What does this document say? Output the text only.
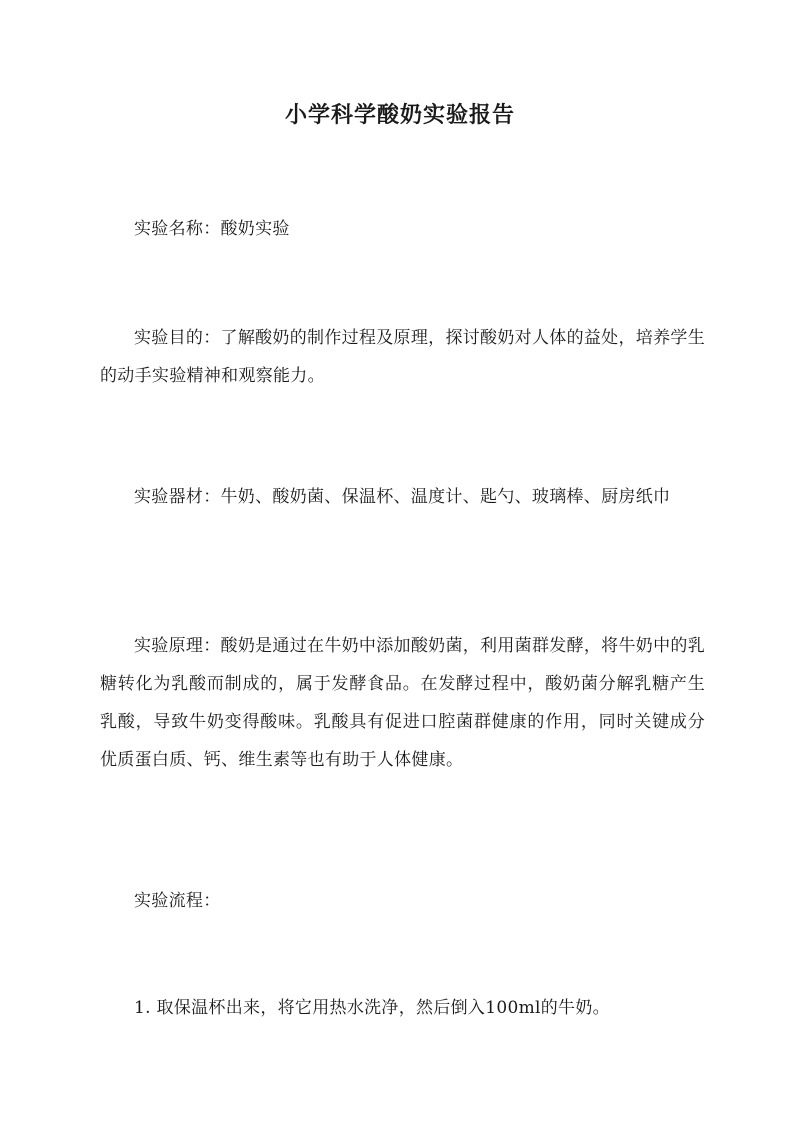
小学科学酸奶实验报告

实验名称：酸奶实验

实验目的：了解酸奶的制作过程及原理，探讨酸奶对人体的益处，培养学生的动手实验精神和观察能力。

实验器材：牛奶、酸奶菌、保温杯、温度计、匙勺、玻璃棒、厨房纸巾

实验原理：酸奶是通过在牛奶中添加酸奶菌，利用菌群发酵，将牛奶中的乳糖转化为乳酸而制成的，属于发酵食品。在发酵过程中，酸奶菌分解乳糖产生乳酸，导致牛奶变得酸味。乳酸具有促进口腔菌群健康的作用，同时关键成分优质蛋白质、钙、维生素等也有助于人体健康。

实验流程：

1. 取保温杯出来，将它用热水洗净，然后倒入100ml的牛奶。
